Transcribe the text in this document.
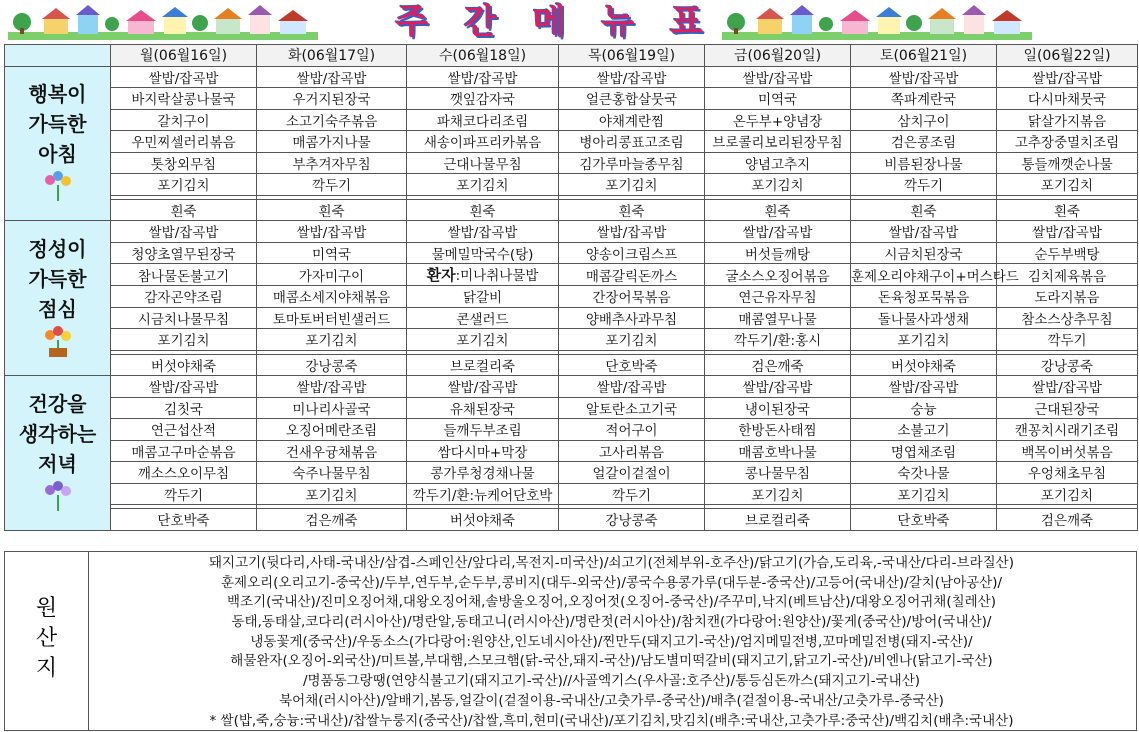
주 간 메 뉴 표
	월(06월16일)	화(06월17일)	수(06월18일)	목(06월19일)	금(06월20일)	토(06월21일)	일(06월22일)

행복이
가득한
아침	쌀밥/잡곡밥	쌀밥/잡곡밥	쌀밥/잡곡밥	쌀밥/잡곡밥	쌀밥/잡곡밥	쌀밥/잡곡밥	쌀밥/잡곡밥
	바지락살콩나물국	우거지된장국	깻잎감자국	얼큰홍합살뭇국	미역국	쪽파계란국	다시마채뭇국
	갈치구이	소고기숙주볶음	파채코다리조림	야채계란찜	온두부+양념장	삼치구이	닭살가지볶음
	우민찌셀러리볶음	매콤가지나물	새송이파프리카볶음	병아리콩표고조림	브로콜리보리된장무침	검은콩조림	고추장중멸치조림
	톳창외무침	부추겨자무침	근대나물무침	김가루마늘종무침	양념고추지	비름된장나물	통들깨깻순나물
	포기김치	깍두기	포기김치	포기김치	포기김치	깍두기	포기김치

	흰죽	흰죽	흰죽	흰죽	흰죽	흰죽	흰죽

정성이
가득한
점심	쌀밥/잡곡밥	쌀밥/잡곡밥	쌀밥/잡곡밥	쌀밥/잡곡밥	쌀밥/잡곡밥	쌀밥/잡곡밥	쌀밥/잡곡밥
	청양초열무된장국	미역국	물메밀막국수(탕)	양송이크림스프	버섯들깨탕	시금치된장국	순두부백탕
	참나물돈불고기	가자미구이	환자:미나취나물밥	매콤갈릭돈까스	굴소스오징어볶음	훈제오리야채구이+머스타드	김치제육볶음
	감자곤약조림	매콤소세지야채볶음	닭갈비	간장어묵볶음	연근유자무침	돈육청포묵볶음	도라지볶음
	시금치나물무침	토마토버터빈샐러드	콘샐러드	양배추사과무침	매콤열무나물	돌나물사과생채	참소스상추무침
	포기김치	포기김치	포기김치	포기김치	깍두기/환:홍시	포기김치	깍두기

	버섯야채죽	강낭콩죽	브로컬리죽	단호박죽	검은깨죽	버섯야채죽	강낭콩죽

건강을
생각하는
저녁	쌀밥/잡곡밥	쌀밥/잡곡밥	쌀밥/잡곡밥	쌀밥/잡곡밥	쌀밥/잡곡밥	쌀밥/잡곡밥	쌀밥/잡곡밥
	김칫국	미나리사골국	유채된장국	알토란소고기국	냉이된장국	숭늉	근대된장국
	연근섭산적	오징어메란조림	들깨두부조림	적어구이	한방돈사태찜	소불고기	캔꽁치시래기조림
	매콤고구마순볶음	건새우귱채볶음	쌈다시마+막장	고사리볶음	매콤호박나물	명엽채조림	백목이버섯볶음
	깨소스오이무침	숙주나물무침	콩가루청경채나물	얼갈이겉절이	콩나물무침	숙갓나물	우엉채초무침
	깍두기	포기김치	깍두기/환:뉴케어단호박	깍두기	포기김치	포기김치	포기김치

	단호박죽	검은깨죽	버섯야채죽	강낭콩죽	브로컬리죽	단호박죽	검은깨죽
원
산
지
돼지고기(뒷다리,사태-국내산/삼겹-스페인산/앞다리,목전지-미국산)/쇠고기(전체부위-호주산)/닭고기(가슴,도리육,-국내산/다리-브라질산)
훈제오리(오리고기-중국산)/두부,연두부,순두부,콩비지(대두-외국산)/콩국수용콩가루(대두분-중국산)/고등어(국내산)/갈치(남아공산)/
백조기(국내산)/진미오징어채,대왕오징어채,솔방울오징어,오징어젓(오징어-중국산)/주꾸미,낙지(베트남산)/대왕오징어귀채(칠레산)
동태,동태살,코다리(러시아산)/명란알,동태고니(러시아산)/명란젓(러시아산)/참치캔(가다랑어:원양산)/꽃게(중국산)/방어(국내산)/
냉동꽃게(중국산)/우동소스(가다랑어:원양산,인도네시아산)/찐만두(돼지고기-국산)/엄지메밀전병,꼬마메밀전병(돼지-국산)/
해물완자(오징어-외국산)/미트볼,부대햄,스모크햄(닭-국산,돼지-국산)/남도별미떡갈비(돼지고기,닭고기-국산)/비엔나(닭고기-국산)
/명품동그랑땡(연양식불고기(돼지고기-국산)//사골엑기스(우사골:호주산)/통등심돈까스(돼지고기-국내산)
북어채(러시아산)/알배기,봄동,얼갈이(겉절이용-국내산/고춧가루-중국산)/배추(겉절이용-국내산/고춧가루-중국산)
* 쌀(밥,죽,숭늉:국내산)/찹쌀누룽지(중국산)/찹쌀,흑미,현미(국내산)/포기김치,맛김치(배추:국내산,고춧가루:중국산)/백김치(배추:국내산)
